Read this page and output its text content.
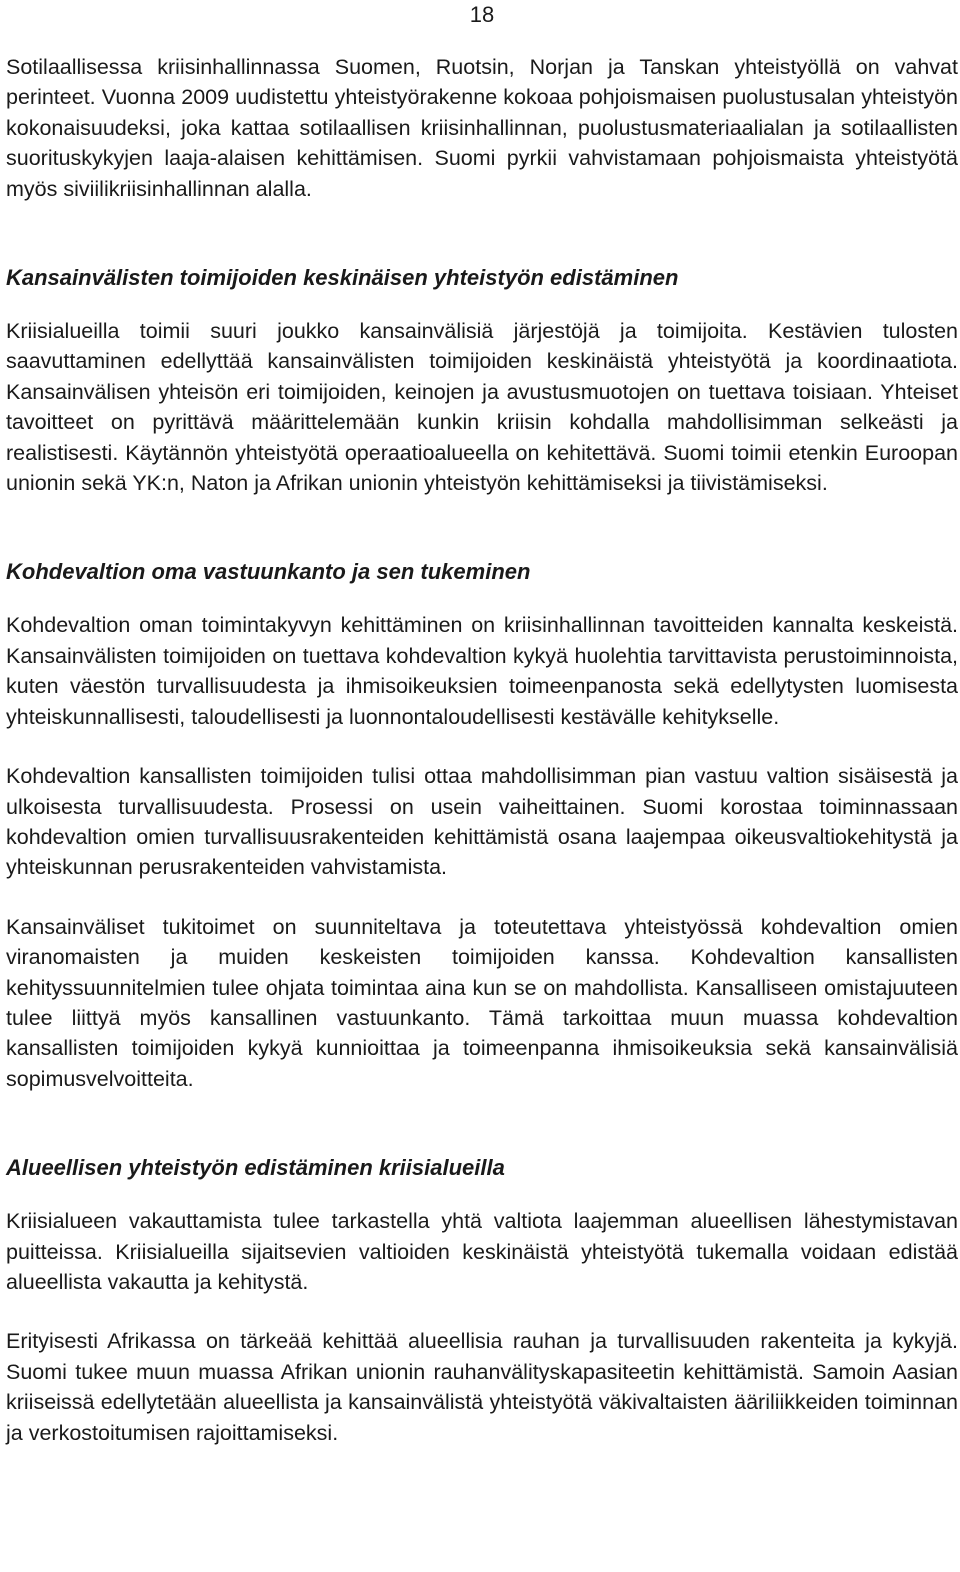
18

Sotilaallisessa kriisinhallinnassa Suomen, Ruotsin, Norjan ja Tanskan yhteistyöllä on vahvat perinteet. Vuonna 2009 uudistettu yhteistyörakenne kokoaa pohjoismaisen puolustusalan yhteistyön kokonaisuudeksi, joka kattaa sotilaallisen kriisinhallinnan, puolustusmateriaalialan ja sotilaallisten suorituskykyjen laaja-alaisen kehittämisen. Suomi pyrkii vahvistamaan pohjoismaista yhteistyötä myös siviilikriisinhallinnan alalla.

Kansainvälisten toimijoiden keskinäisen yhteistyön edistäminen

Kriisialueilla toimii suuri joukko kansainvälisiä järjestöjä ja toimijoita. Kestävien tulosten saavuttaminen edellyttää kansainvälisten toimijoiden keskinäistä yhteistyötä ja koordinaatiota. Kansainvälisen yhteisön eri toimijoiden, keinojen ja avustusmuotojen on tuettava toisiaan. Yhteiset tavoitteet on pyrittävä määrittelemään kunkin kriisin kohdalla mahdollisimman selkeästi ja realistisesti. Käytännön yhteistyötä operaatioalueella on kehitettävä. Suomi toimii etenkin Euroopan unionin sekä YK:n, Naton ja Afrikan unionin yhteistyön kehittämiseksi ja tiivistämiseksi.

Kohdevaltion oma vastuunkanto ja sen tukeminen

Kohdevaltion oman toimintakyvyn kehittäminen on kriisinhallinnan tavoitteiden kannalta keskeistä. Kansainvälisten toimijoiden on tuettava kohdevaltion kykyä huolehtia tarvittavista perustoiminnoista, kuten väestön turvallisuudesta ja ihmisoikeuksien toimeenpanosta sekä edellytysten luomisesta yhteiskunnallisesti, taloudellisesti ja luonnontaloudellisesti kestävälle kehitykselle.

Kohdevaltion kansallisten toimijoiden tulisi ottaa mahdollisimman pian vastuu valtion sisäisestä ja ulkoisesta turvallisuudesta. Prosessi on usein vaiheittainen. Suomi korostaa toiminnassaan kohdevaltion omien turvallisuusrakenteiden kehittämistä osana laajempaa oikeusvaltiokehitystä ja yhteiskunnan perusrakenteiden vahvistamista.

Kansainväliset tukitoimet on suunniteltava ja toteutettava yhteistyössä kohdevaltion omien viranomaisten ja muiden keskeisten toimijoiden kanssa. Kohdevaltion kansallisten kehityssuunnitelmien tulee ohjata toimintaa aina kun se on mahdollista. Kansalliseen omistajuuteen tulee liittyä myös kansallinen vastuunkanto. Tämä tarkoittaa muun muassa kohdevaltion kansallisten toimijoiden kykyä kunnioittaa ja toimeenpanna ihmisoikeuksia sekä kansainvälisiä sopimusvelvoitteita.

Alueellisen yhteistyön edistäminen kriisialueilla

Kriisialueen vakauttamista tulee tarkastella yhtä valtiota laajemman alueellisen lähestymistavan puitteissa. Kriisialueilla sijaitsevien valtioiden keskinäistä yhteistyötä tukemalla voidaan edistää alueellista vakautta ja kehitystä.

Erityisesti Afrikassa on tärkeää kehittää alueellisia rauhan ja turvallisuuden rakenteita ja kykyjä. Suomi tukee muun muassa Afrikan unionin rauhanvälityskapasiteetin kehittämistä. Samoin Aasian kriiseissä edellytetään alueellista ja kansainvälistä yhteistyötä väkivaltaisten ääriliikkeiden toiminnan ja verkostoitumisen rajoittamiseksi.
